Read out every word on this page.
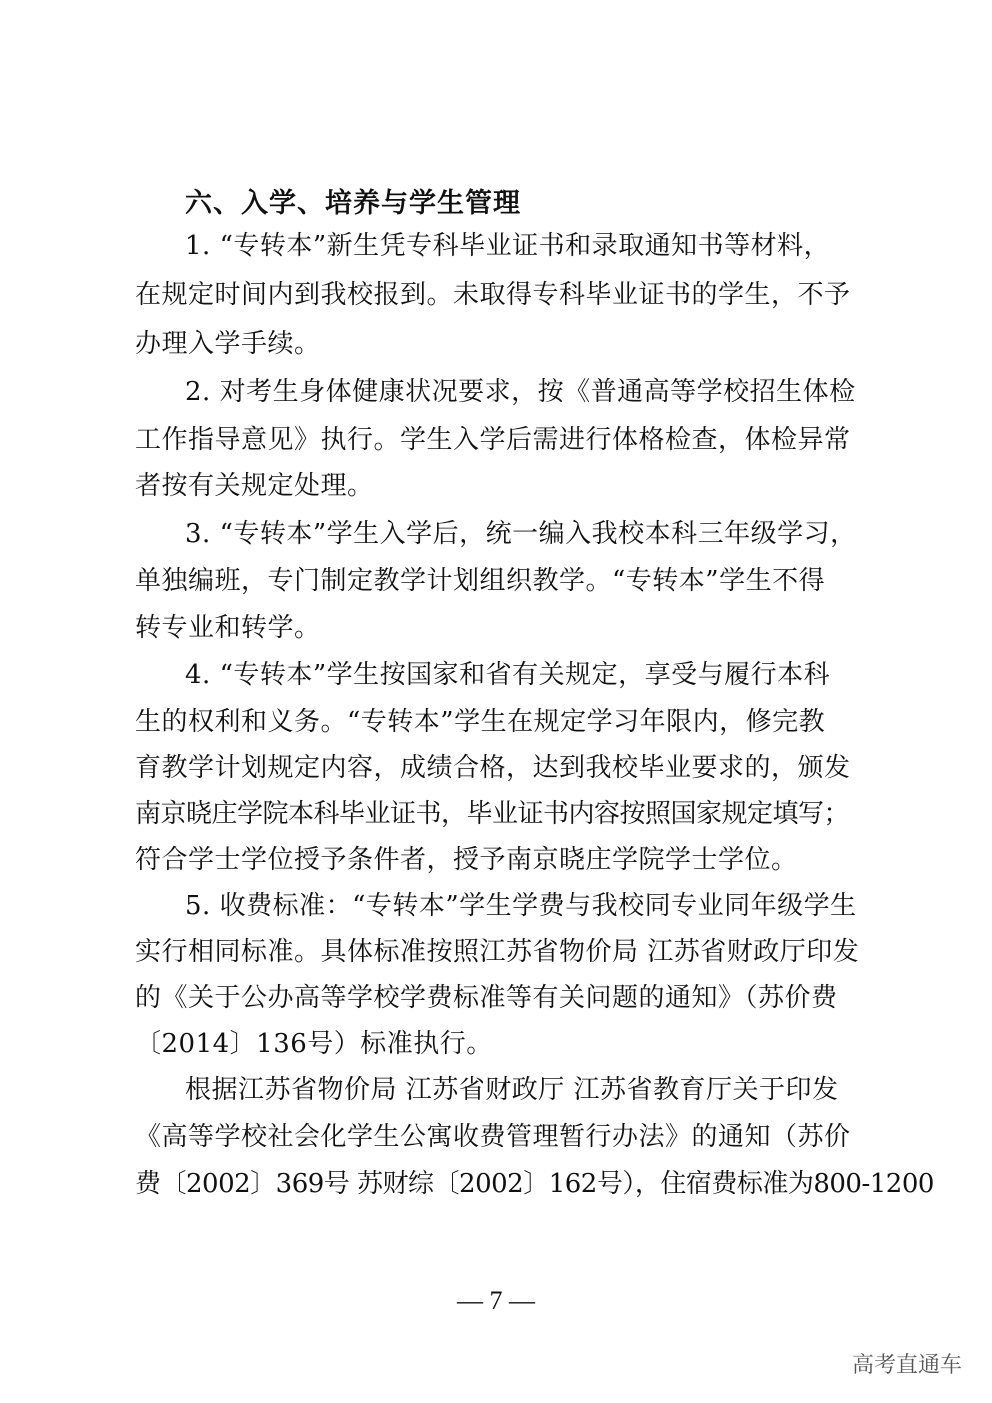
六、入学、培养与学生管理
1. “专转本”新生凭专科毕业证书和录取通知书等材料，
在规定时间内到我校报到。未取得专科毕业证书的学生，不予
办理入学手续。
2. 对考生身体健康状况要求，按《普通高等学校招生体检
工作指导意见》执行。学生入学后需进行体格检查，体检异常
者按有关规定处理。
3. “专转本”学生入学后，统一编入我校本科三年级学习，
单独编班，专门制定教学计划组织教学。“专转本”学生不得
转专业和转学。
4. “专转本”学生按国家和省有关规定，享受与履行本科
生的权利和义务。“专转本”学生在规定学习年限内，修完教
育教学计划规定内容，成绩合格，达到我校毕业要求的，颁发
南京晓庄学院本科毕业证书，毕业证书内容按照国家规定填写；
符合学士学位授予条件者，授予南京晓庄学院学士学位。
5. 收费标准：“专转本”学生学费与我校同专业同年级学生
实行相同标准。具体标准按照江苏省物价局 江苏省财政厅印发
的《关于公办高等学校学费标准等有关问题的通知》（苏价费
〔2014〕136号）标准执行。
根据江苏省物价局 江苏省财政厅 江苏省教育厅关于印发
《高等学校社会化学生公寓收费管理暂行办法》的通知（苏价
费〔2002〕369号 苏财综〔2002〕162号），住宿费标准为800-1200
— 7 —
高考直通车
